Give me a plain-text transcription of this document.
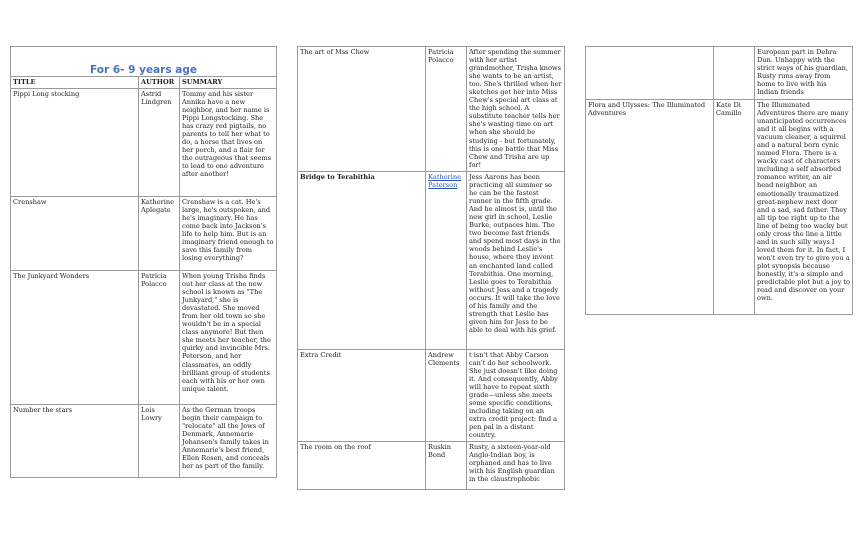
For 6- 9 years age
TITLE	AUTHOR	SUMMARY
Pippi Long stocking	Astrid Lindgren	Tommy and his sister Annika have a new neighbor, and her name is Pippi Longstocking. She has crazy red pigtails, no parents to tell her what to do, a horse that lives on her porch, and a flair for the outrageous that seems to lead to one adventure after another!
Crenshaw	Katherine Aplegate	Crenshaw is a cat. He's large, he's outspoken, and he's imaginary. He has come back into Jackson's life to help him. But is an imaginary friend enough to save this family from losing everything?
The Junkyard Wonders	Patricia Polacco	When young Trisha finds out her class at the new school is known as "The Junkyard," she is devastated. She moved from her old town so she wouldn't be in a special class anymore! But then she meets her teacher, the quirky and invincible Mrs. Peterson, and her classmates, an oddly brilliant group of students each with his or her own unique talent.
Number the stars	Lois Lowry	As the German troops begin their campaign to "relocate" all the Jews of Denmark, Annemarie Johansen's family takes in Annemarie's best friend, Ellen Rosen, and conceals her as part of the family.
The art of Mss Chew	Patricia Polacco	After spending the summer with her artist grandmother, Trisha knows she wants to be an artist, too. She's thrilled when her sketches get her into Miss Chew's special art class at the high school. A substitute teacher tells her she's wasting time on art when she should be studying - but fortunately, this is one battle that Miss Chew and Trisha are up for!
Bridge to Terabithia	Katherine Paterson	Jess Aarons has been practicing all summer so he can be the fastest runner in the fifth grade. And he almost is, until the new girl in school, Leslie Burke, outpaces him. The two become fast friends and spend most days in the woods behind Leslie's house, where they invent an enchanted land called Terabithia. One morning, Leslie goes to Terabithia without Jess and a tragedy occurs. It will take the love of his family and the strength that Leslie has given him for Jess to be able to deal with his grief.
Extra Credit	Andrew Clements	t isn't that Abby Carson can't do her schoolwork. She just doesn't like doing it. And consequently, Abby will have to repeat sixth grade—unless she meets some specific conditions, including taking on an extra credit project: find a pen pal in a distant country.
The room on the roof	Ruskin Bond	Rusty, a sixteen-year-old Anglo-Indian boy, is orphaned and has to live with his English guardian in the claustrophobic
		European part in Dehra Dun. Unhappy with the strict ways of his guardian, Rusty runs away from home to live with his Indian friends
Flora and Ulysses: The Illuminated Adventures	Kate Di Camillo	The Illuminated Adventures there are many unanticipated occurrences and it all begins with a vacuum cleaner, a squirrel and a natural born cynic named Flora. There is a wacky cast of characters including a self absorbed romance writer, an air head neighbor, an emotionally traumatized great-nephew next door and a sad, sad father. They all tip toe right up to the line of being too wacky but only cross the line a little and in such silly ways I loved them for it. In fact, I won't even try to give you a plot synopsis because honestly, it's a simple and predictable plot but a joy to read and discover on your own.
